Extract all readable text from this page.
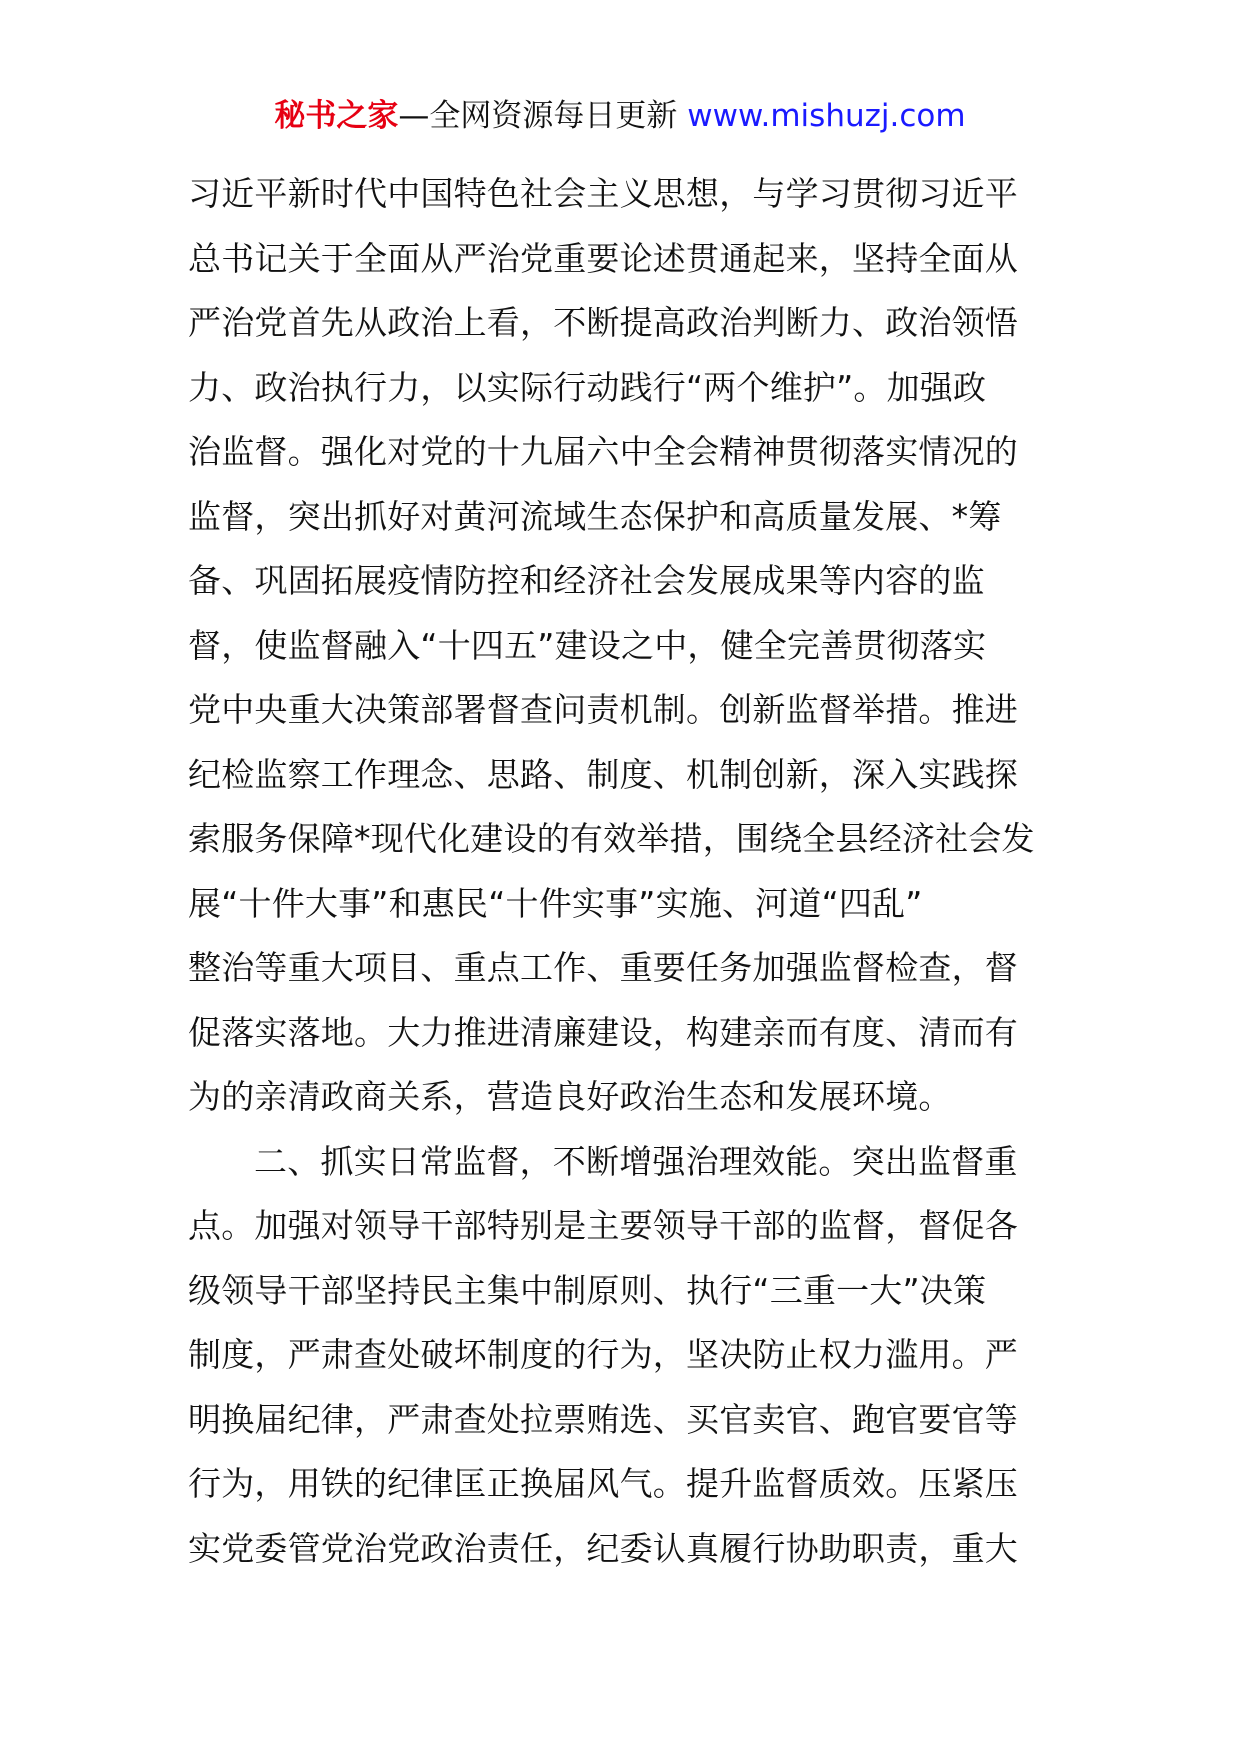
秘书之家—全网资源每日更新 www.mishuzj.com
习近平新时代中国特色社会主义思想，与学习贯彻习近平
总书记关于全面从严治党重要论述贯通起来，坚持全面从
严治党首先从政治上看，不断提高政治判断力、政治领悟
力、政治执行力，以实际行动践行“两个维护”。加强政
治监督。强化对党的十九届六中全会精神贯彻落实情况的
监督，突出抓好对黄河流域生态保护和高质量发展、*筹
备、巩固拓展疫情防控和经济社会发展成果等内容的监
督，使监督融入“十四五”建设之中，健全完善贯彻落实
党中央重大决策部署督查问责机制。创新监督举措。推进
纪检监察工作理念、思路、制度、机制创新，深入实践探
索服务保障*现代化建设的有效举措，围绕全县经济社会发
展“十件大事”和惠民“十件实事”实施、河道“四乱”
整治等重大项目、重点工作、重要任务加强监督检查，督
促落实落地。大力推进清廉建设，构建亲而有度、清而有
为的亲清政商关系，营造良好政治生态和发展环境。
二、抓实日常监督，不断增强治理效能。突出监督重
点。加强对领导干部特别是主要领导干部的监督，督促各
级领导干部坚持民主集中制原则、执行“三重一大”决策
制度，严肃查处破坏制度的行为，坚决防止权力滥用。严
明换届纪律，严肃查处拉票贿选、买官卖官、跑官要官等
行为，用铁的纪律匡正换届风气。提升监督质效。压紧压
实党委管党治党政治责任，纪委认真履行协助职责，重大
